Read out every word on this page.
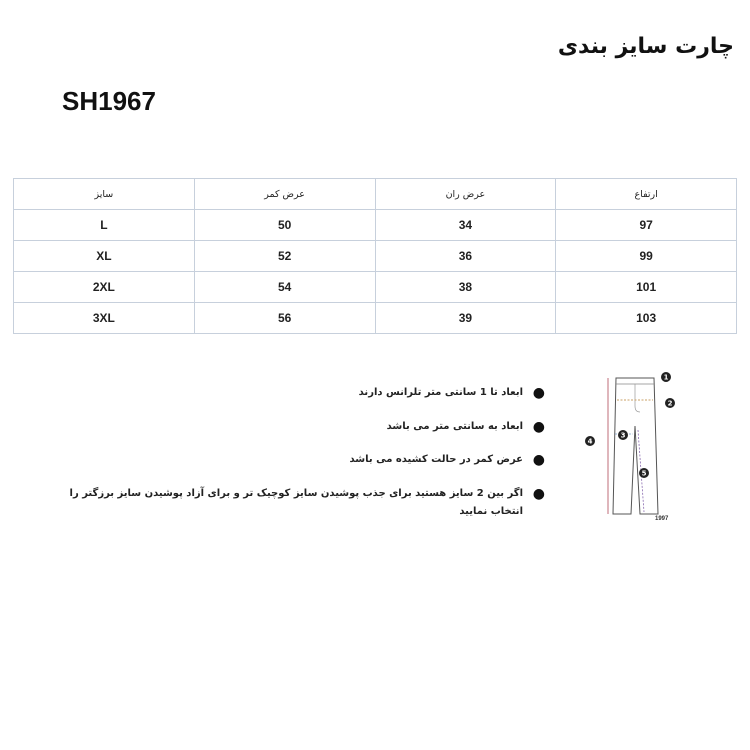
چارت سایز بندی
SH1967
سایز	عرض کمر	عرض ران	ارتفاع
L	50	34	97
XL	52	36	99
2XL	54	38	101
3XL	56	39	103
●
ابعاد تا 1 سانتی متر تلرانس دارند
●
ابعاد به سانتی متر می باشد
●
عرض کمر در حالت کشیده می باشد
●
اگر بین 2 سایز هستید برای جذب پوشیدن سایز کوچیک تر و برای آزاد پوشیدن سایز برزگتر را انتخاب نمایید
1
2
3
4
5
1997
